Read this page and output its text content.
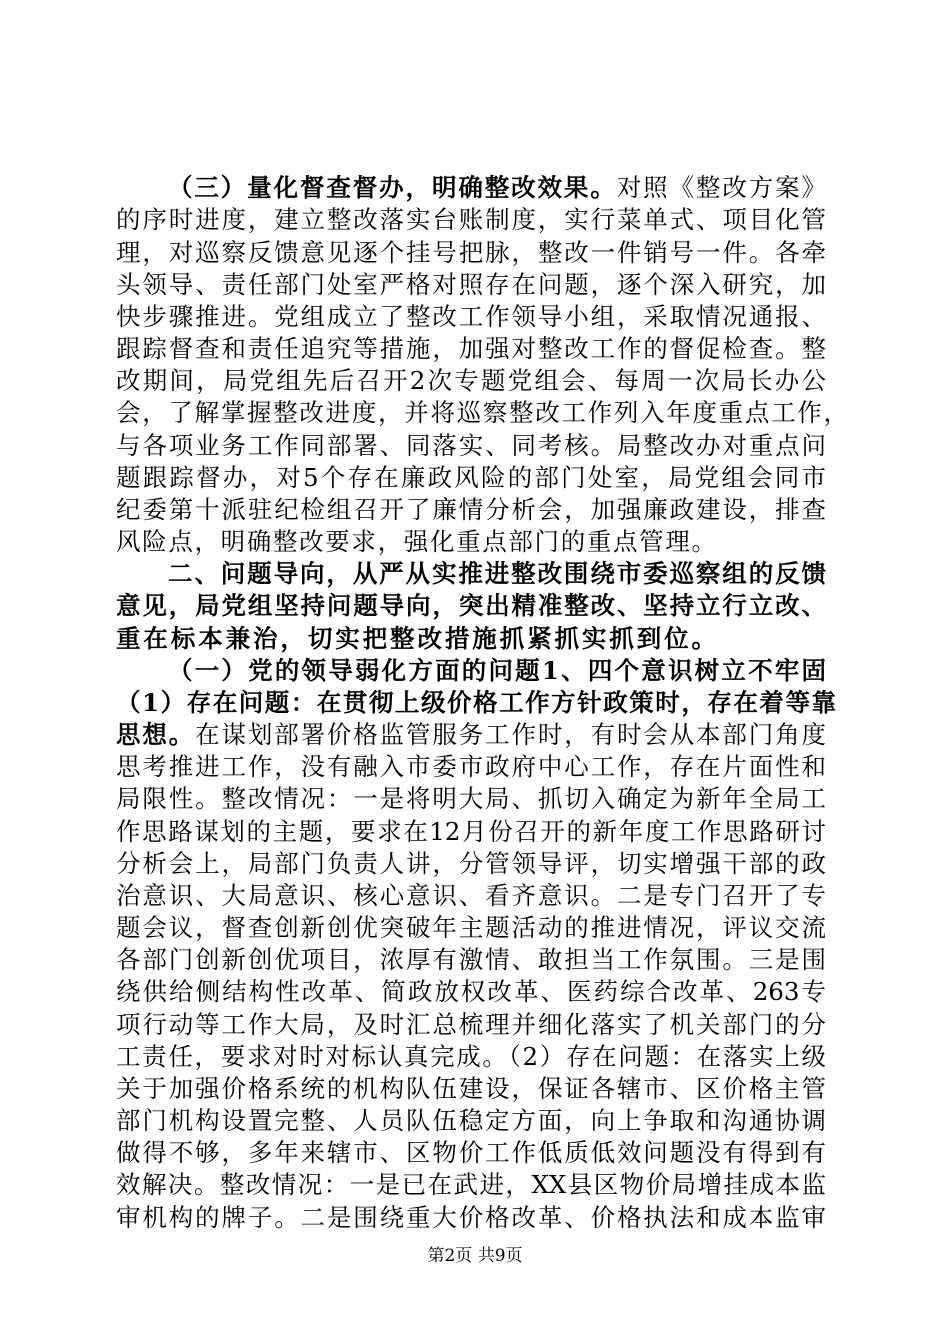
（三）量化督查督办，明确整改效果。对照《整改方案》

的序时进度，建立整改落实台账制度，实行菜单式、项目化管

理，对巡察反馈意见逐个挂号把脉，整改一件销号一件。各牵

头领导、责任部门处室严格对照存在问题，逐个深入研究，加

快步骤推进。党组成立了整改工作领导小组，采取情况通报、

跟踪督查和责任追究等措施，加强对整改工作的督促检查。整

改期间，局党组先后召开2次专题党组会、每周一次局长办公

会，了解掌握整改进度，并将巡察整改工作列入年度重点工作，

与各项业务工作同部署、同落实、同考核。局整改办对重点问

题跟踪督办，对5个存在廉政风险的部门处室，局党组会同市

纪委第十派驻纪检组召开了廉情分析会，加强廉政建设，排查

风险点，明确整改要求，强化重点部门的重点管理。

二、问题导向，从严从实推进整改围绕市委巡察组的反馈

意见，局党组坚持问题导向，突出精准整改、坚持立行立改、

重在标本兼治，切实把整改措施抓紧抓实抓到位。

（一）党的领导弱化方面的问题1、四个意识树立不牢固

（1）存在问题：在贯彻上级价格工作方针政策时，存在着等靠

思想。在谋划部署价格监管服务工作时，有时会从本部门角度

思考推进工作，没有融入市委市政府中心工作，存在片面性和

局限性。整改情况：一是将明大局、抓切入确定为新年全局工

作思路谋划的主题，要求在12月份召开的新年度工作思路研讨

分析会上，局部门负责人讲，分管领导评，切实增强干部的政

治意识、大局意识、核心意识、看齐意识。二是专门召开了专

题会议，督查创新创优突破年主题活动的推进情况，评议交流

各部门创新创优项目，浓厚有激情、敢担当工作氛围。三是围

绕供给侧结构性改革、简政放权改革、医药综合改革、263专

项行动等工作大局，及时汇总梳理并细化落实了机关部门的分

工责任，要求对时对标认真完成。（2）存在问题：在落实上级

关于加强价格系统的机构队伍建设，保证各辖市、区价格主管

部门机构设置完整、人员队伍稳定方面，向上争取和沟通协调

做得不够，多年来辖市、区物价工作低质低效问题没有得到有

效解决。整改情况：一是已在武进，XX县区物价局增挂成本监

审机构的牌子。二是围绕重大价格改革、价格执法和成本监审

第2页 共9页
